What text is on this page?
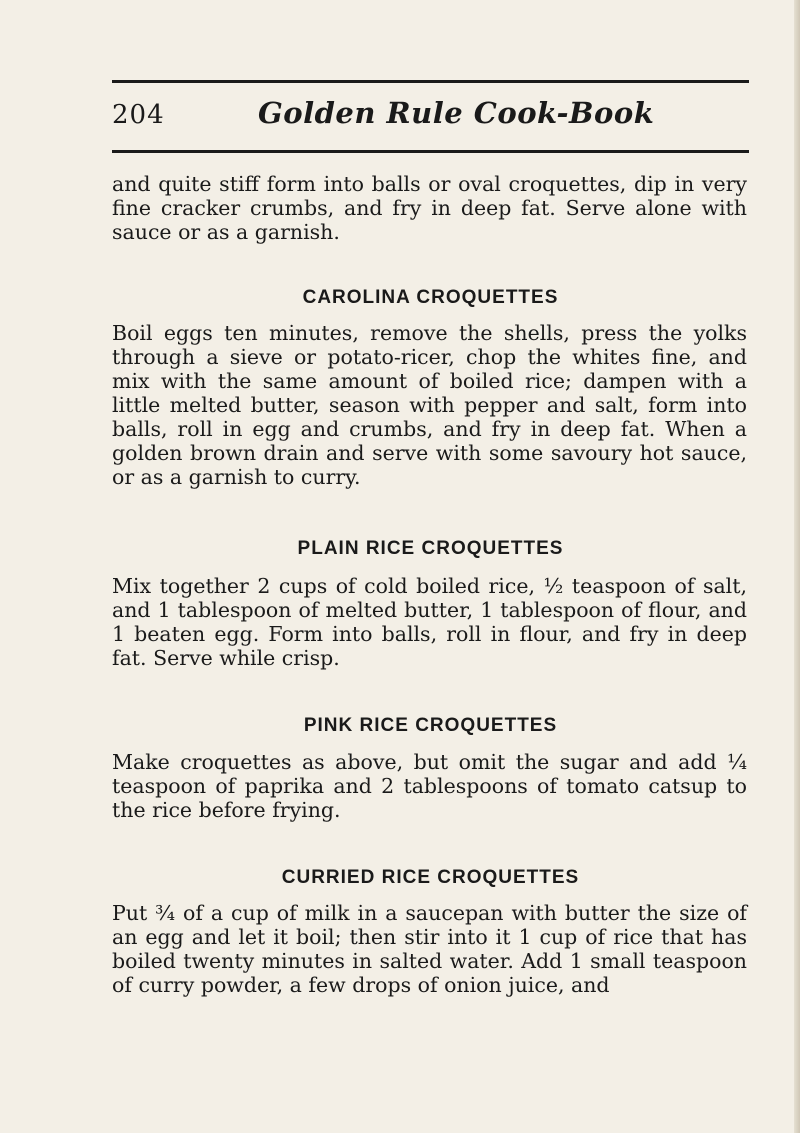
204	Golden Rule Cook-Book

and quite stiff form into balls or oval croquettes, dip in very fine cracker crumbs, and fry in deep fat. Serve alone with sauce or as a garnish.

CAROLINA CROQUETTES

Boil eggs ten minutes, remove the shells, press the yolks through a sieve or potato-ricer, chop the whites fine, and mix with the same amount of boiled rice; dampen with a little melted butter, season with pepper and salt, form into balls, roll in egg and crumbs, and fry in deep fat. When a golden brown drain and serve with some savoury hot sauce, or as a garnish to curry.

PLAIN RICE CROQUETTES

Mix together 2 cups of cold boiled rice, ½ teaspoon of salt, and 1 tablespoon of melted butter, 1 tablespoon of flour, and 1 beaten egg. Form into balls, roll in flour, and fry in deep fat. Serve while crisp.

PINK RICE CROQUETTES

Make croquettes as above, but omit the sugar and add ¼ teaspoon of paprika and 2 tablespoons of tomato catsup to the rice before frying.

CURRIED RICE CROQUETTES

Put ¾ of a cup of milk in a saucepan with butter the size of an egg and let it boil; then stir into it 1 cup of rice that has boiled twenty minutes in salted water. Add 1 small teaspoon of curry powder, a few drops of onion juice, and
